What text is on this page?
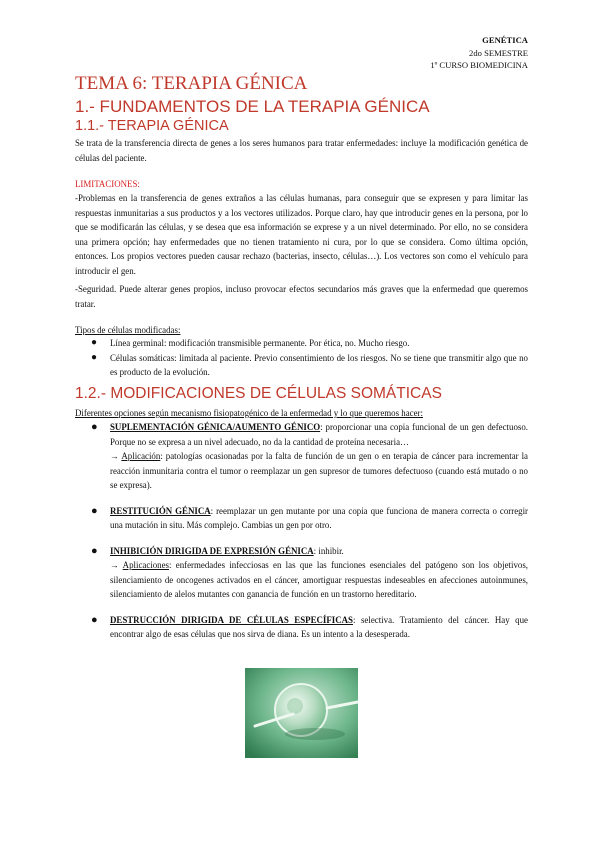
GENÉTICA
2do SEMESTRE
1º CURSO BIOMEDICINA
TEMA 6: TERAPIA GÉNICA
1.- FUNDAMENTOS DE LA TERAPIA GÉNICA
1.1.- TERAPIA GÉNICA
Se trata de la transferencia directa de genes a los seres humanos para tratar enfermedades: incluye la modificación genética de células del paciente.
LIMITACIONES:
-Problemas en la transferencia de genes extraños a las células humanas, para conseguir que se expresen y para limitar las respuestas inmunitarias a sus productos y a los vectores utilizados. Porque claro, hay que introducir genes en la persona, por lo que se modificarán las células, y se desea que esa información se exprese y a un nivel determinado. Por ello, no se considera una primera opción; hay enfermedades que no tienen tratamiento ni cura, por lo que se considera. Como última opción, entonces. Los propios vectores pueden causar rechazo (bacterias, insecto, células…). Los vectores son como el vehículo para introducir el gen.
-Seguridad. Puede alterar genes propios, incluso provocar efectos secundarios más graves que la enfermedad que queremos tratar.
Tipos de células modificadas:
● Línea germinal: modificación transmisible permanente. Por ética, no. Mucho riesgo.
● Células somáticas: limitada al paciente. Previo consentimiento de los riesgos. No se tiene que transmitir algo que no es producto de la evolución.
1.2.- MODIFICACIONES DE CÉLULAS SOMÁTICAS
Diferentes opciones según mecanismo fisiopatogénico de la enfermedad y lo que queremos hacer:
● SUPLEMENTACIÓN GÉNICA/AUMENTO GÉNICO: proporcionar una copia funcional de un gen defectuoso. Porque no se expresa a un nivel adecuado, no da la cantidad de proteína necesaria…
→ Aplicación: patologías ocasionadas por la falta de función de un gen o en terapia de cáncer para incrementar la reacción inmunitaria contra el tumor o reemplazar un gen supresor de tumores defectuoso (cuando está mutado o no se expresa).
● RESTITUCIÓN GÉNICA: reemplazar un gen mutante por una copia que funciona de manera correcta o corregir una mutación in situ. Más complejo. Cambias un gen por otro.
● INHIBICIÓN DIRIGIDA DE EXPRESIÓN GÉNICA: inhibir.
→ Aplicaciones: enfermedades infecciosas en las que las funciones esenciales del patógeno son los objetivos, silenciamiento de oncogenes activados en el cáncer, amortiguar respuestas indeseables en afecciones autoinmunes, silenciamiento de alelos mutantes con ganancia de función en un trastorno hereditario.
● DESTRUCCIÓN DIRIGIDA DE CÉLULAS ESPECÍFICAS: selectiva. Tratamiento del cáncer. Hay que encontrar algo de esas células que nos sirva de diana. Es un intento a la desesperada.
